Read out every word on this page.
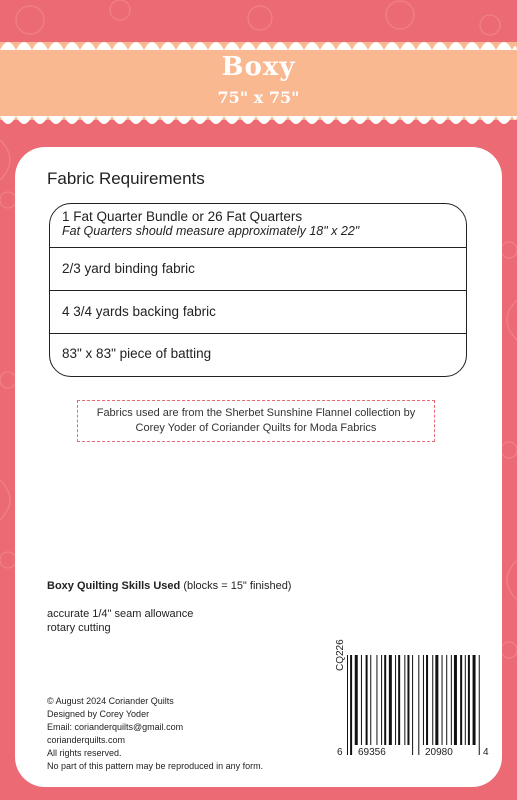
Boxy
75" x 75"
Fabric Requirements
1 Fat Quarter Bundle or 26 Fat Quarters
Fat Quarters should measure approximately 18" x 22"
2/3 yard binding fabric
4 3/4 yards backing fabric
83" x 83" piece of batting
Fabrics used are from the Sherbet Sunshine Flannel collection by
Corey Yoder of Coriander Quilts for Moda Fabrics
Boxy Quilting Skills Used (blocks = 15" finished)
accurate 1/4" seam allowance
rotary cutting
© August 2024 Coriander Quilts
Designed by Corey Yoder
Email: corianderquilts@gmail.com
corianderquilts.com
All rights reserved.
No part of this pattern may be reproduced in any form.
CQ226
6 69356	20980	4
